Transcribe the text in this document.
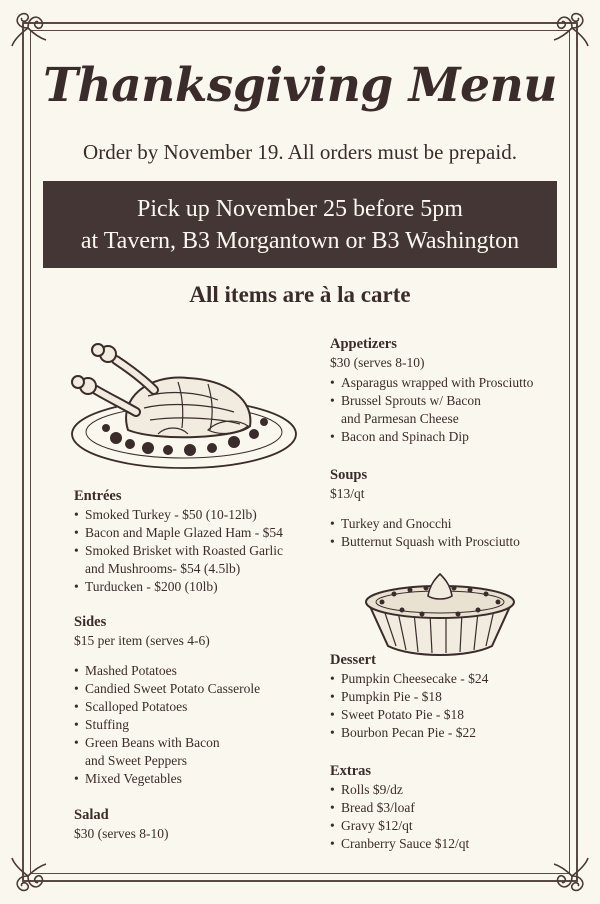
Thanksgiving Menu
Order by November 19. All orders must be prepaid.
Pick up November 25 before 5pm
at Tavern, B3 Morgantown or B3 Washington
All items are à la carte
Entrées
• Smoked Turkey - $50 (10-12lb)
• Bacon and Maple Glazed Ham - $54
• Smoked Brisket with Roasted Garlic
and Mushrooms- $54 (4.5lb)
• Turducken - $200 (10lb)
Sides

$15 per item (serves 4-6)

• Mashed Potatoes
• Candied Sweet Potato Casserole
• Scalloped Potatoes
• Stuffing
• Green Beans with Bacon
and Sweet Peppers
• Mixed Vegetables
Salad

$30 (serves 8-10)

Appetizers

$30 (serves 8-10)

• Asparagus wrapped with Prosciutto
• Brussel Sprouts w/ Bacon
and Parmesan Cheese
• Bacon and Spinach Dip
Soups

$13/qt

• Turkey and Gnocchi
• Butternut Squash with Prosciutto
Dessert
• Pumpkin Cheesecake - $24
• Pumpkin Pie - $18
• Sweet Potato Pie - $18
• Bourbon Pecan Pie - $22
Extras
• Rolls $9/dz
• Bread $3/loaf
• Gravy $12/qt
• Cranberry Sauce $12/qt
